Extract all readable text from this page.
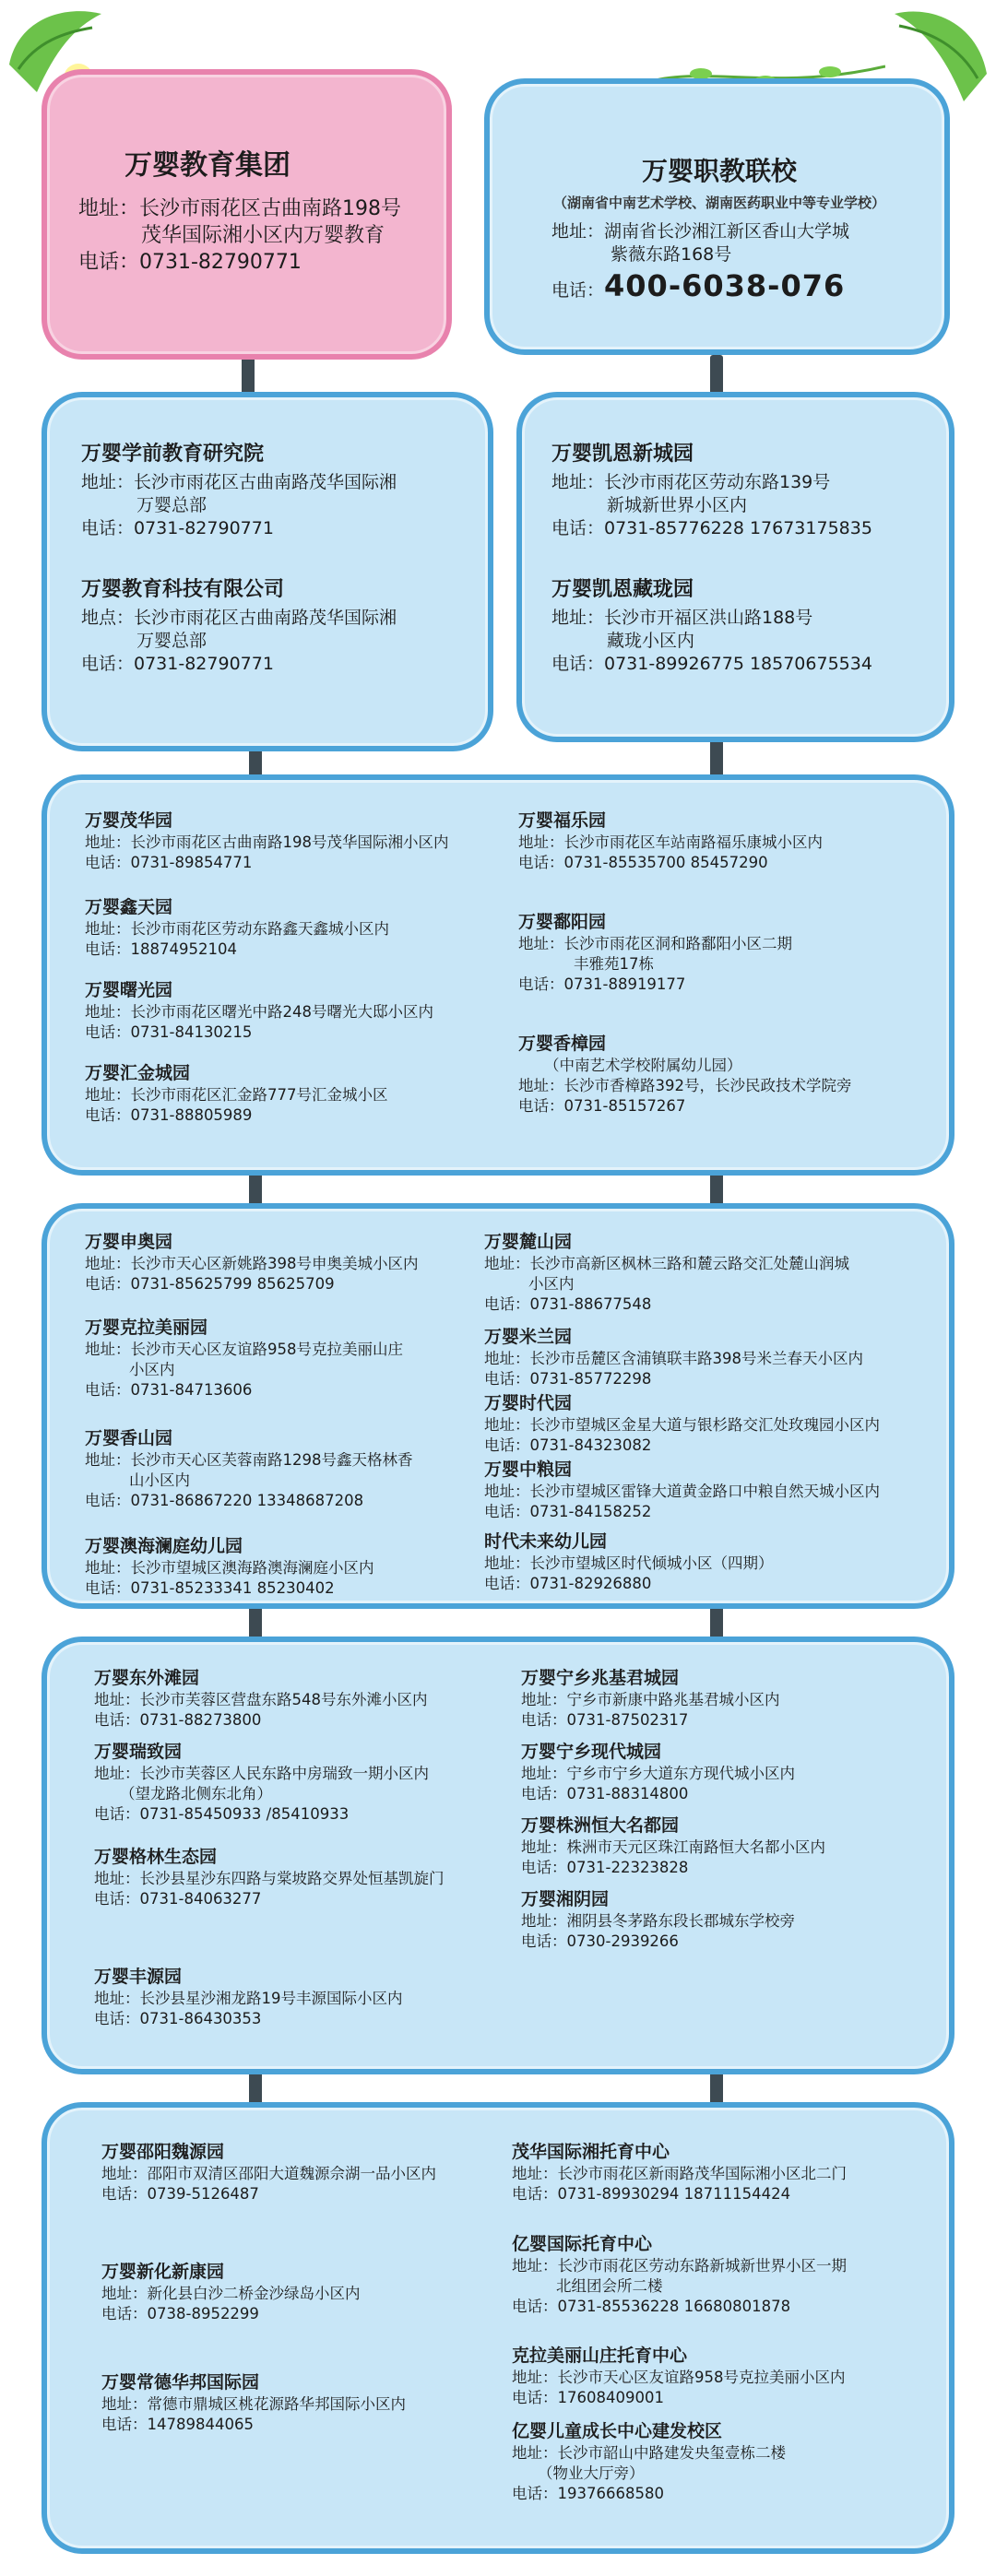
万婴教育集团
地址：长沙市雨花区古曲南路198号
茂华国际湘小区内万婴教育
电话：0731-82790771
万婴职教联校
（湖南省中南艺术学校、湖南医药职业中等专业学校）
地址：湖南省长沙湘江新区香山大学城
紫薇东路168号
电话：400-6038-076
万婴学前教育研究院
地址：长沙市雨花区古曲南路茂华国际湘
万婴总部
电话：0731-82790771
万婴教育科技有限公司
地点：长沙市雨花区古曲南路茂华国际湘
万婴总部
电话：0731-82790771
万婴凯恩新城园
地址：长沙市雨花区劳动东路139号
新城新世界小区内
电话：0731-85776228 17673175835
万婴凯恩藏珑园
地址：长沙市开福区洪山路188号
藏珑小区内
电话：0731-89926775 18570675534
万婴茂华园
地址：长沙市雨花区古曲南路198号茂华国际湘小区内
电话：0731-89854771
万婴鑫天园
地址：长沙市雨花区劳动东路鑫天鑫城小区内
电话：18874952104
万婴曙光园
地址：长沙市雨花区曙光中路248号曙光大邸小区内
电话：0731-84130215
万婴汇金城园
地址：长沙市雨花区汇金路777号汇金城小区
电话：0731-88805989
万婴福乐园
地址：长沙市雨花区车站南路福乐康城小区内
电话：0731-85535700 85457290
万婴鄱阳园
地址：长沙市雨花区洞和路鄱阳小区二期
丰雅苑17栋
电话：0731-88919177
万婴香樟园
（中南艺术学校附属幼儿园）
地址：长沙市香樟路392号，长沙民政技术学院旁
电话：0731-85157267
万婴申奥园
地址：长沙市天心区新姚路398号申奥美城小区内
电话：0731-85625799 85625709
万婴克拉美丽园
地址：长沙市天心区友谊路958号克拉美丽山庄
小区内
电话：0731-84713606
万婴香山园
地址：长沙市天心区芙蓉南路1298号鑫天格林香
山小区内
电话：0731-86867220 13348687208
万婴澳海澜庭幼儿园
地址：长沙市望城区澳海路澳海澜庭小区内
电话：0731-85233341 85230402
万婴麓山园
地址：长沙市高新区枫林三路和麓云路交汇处麓山润城
小区内
电话：0731-88677548
万婴米兰园
地址：长沙市岳麓区含浦镇联丰路398号米兰春天小区内
电话：0731-85772298
万婴时代园
地址：长沙市望城区金星大道与银杉路交汇处玫瑰园小区内
电话：0731-84323082
万婴中粮园
地址：长沙市望城区雷锋大道黄金路口中粮自然天城小区内
电话：0731-84158252
时代未来幼儿园
地址：长沙市望城区时代倾城小区（四期）
电话：0731-82926880
万婴东外滩园
地址：长沙市芙蓉区营盘东路548号东外滩小区内
电话：0731-88273800
万婴瑞致园
地址：长沙市芙蓉区人民东路中房瑞致一期小区内
（望龙路北侧东北角）
电话：0731-85450933 /85410933
万婴格林生态园
地址：长沙县星沙东四路与棠坡路交界处恒基凯旋门
电话：0731-84063277
万婴丰源园
地址：长沙县星沙湘龙路19号丰源国际小区内
电话：0731-86430353
万婴宁乡兆基君城园
地址：宁乡市新康中路兆基君城小区内
电话：0731-87502317
万婴宁乡现代城园
地址：宁乡市宁乡大道东方现代城小区内
电话：0731-88314800
万婴株洲恒大名都园
地址：株洲市天元区珠江南路恒大名都小区内
电话：0731-22323828
万婴湘阴园
地址：湘阴县冬茅路东段长郡城东学校旁
电话：0730-2939266
万婴邵阳魏源园
地址：邵阳市双清区邵阳大道魏源佘湖一品小区内
电话：0739-5126487
万婴新化新康园
地址：新化县白沙二桥金沙绿岛小区内
电话：0738-8952299
万婴常德华邦国际园
地址：常德市鼎城区桃花源路华邦国际小区内
电话：14789844065
茂华国际湘托育中心
地址：长沙市雨花区新雨路茂华国际湘小区北二门
电话：0731-89930294 18711154424
亿婴国际托育中心
地址：长沙市雨花区劳动东路新城新世界小区一期
北组团会所二楼
电话：0731-85536228 16680801878
克拉美丽山庄托育中心
地址：长沙市天心区友谊路958号克拉美丽小区内
电话：17608409001
亿婴儿童成长中心建发校区
地址：长沙市韶山中路建发央玺壹栋二楼
（物业大厅旁）
电话：19376668580
